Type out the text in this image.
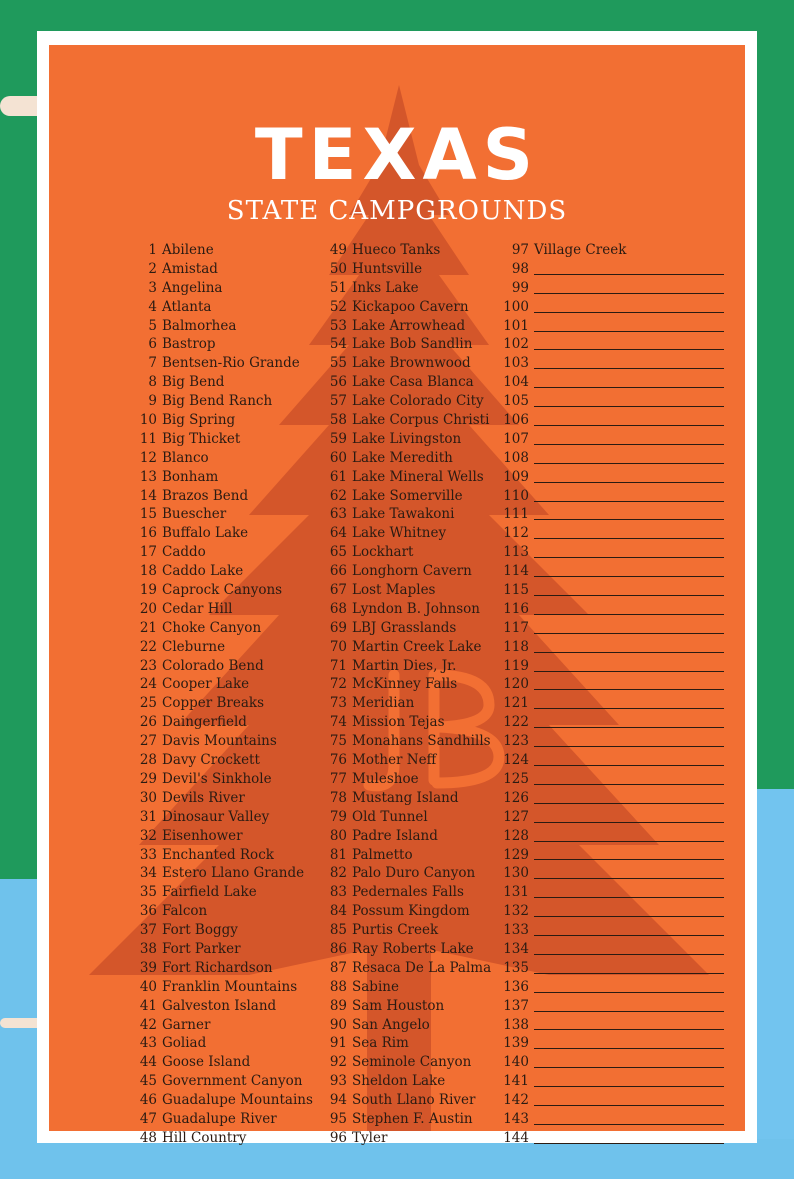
TEXAS
STATE CAMPGROUNDS
1 Abilene
2 Amistad
3 Angelina
4 Atlanta
5 Balmorhea
6 Bastrop
7 Bentsen-Rio Grande
8 Big Bend
9 Big Bend Ranch
10 Big Spring
11 Big Thicket
12 Blanco
13 Bonham
14 Brazos Bend
15 Buescher
16 Buffalo Lake
17 Caddo
18 Caddo Lake
19 Caprock Canyons
20 Cedar Hill
21 Choke Canyon
22 Cleburne
23 Colorado Bend
24 Cooper Lake
25 Copper Breaks
26 Daingerfield
27 Davis Mountains
28 Davy Crockett
29 Devil's Sinkhole
30 Devils River
31 Dinosaur Valley
32 Eisenhower
33 Enchanted Rock
34 Estero Llano Grande
35 Fairfield Lake
36 Falcon
37 Fort Boggy
38 Fort Parker
39 Fort Richardson
40 Franklin Mountains
41 Galveston Island
42 Garner
43 Goliad
44 Goose Island
45 Government Canyon
46 Guadalupe Mountains
47 Guadalupe River
48 Hill Country
49 Hueco Tanks
50 Huntsville
51 Inks Lake
52 Kickapoo Cavern
53 Lake Arrowhead
54 Lake Bob Sandlin
55 Lake Brownwood
56 Lake Casa Blanca
57 Lake Colorado City
58 Lake Corpus Christi
59 Lake Livingston
60 Lake Meredith
61 Lake Mineral Wells
62 Lake Somerville
63 Lake Tawakoni
64 Lake Whitney
65 Lockhart
66 Longhorn Cavern
67 Lost Maples
68 Lyndon B. Johnson
69 LBJ Grasslands
70 Martin Creek Lake
71 Martin Dies, Jr.
72 McKinney Falls
73 Meridian
74 Mission Tejas
75 Monahans Sandhills
76 Mother Neff
77 Muleshoe
78 Mustang Island
79 Old Tunnel
80 Padre Island
81 Palmetto
82 Palo Duro Canyon
83 Pedernales Falls
84 Possum Kingdom
85 Purtis Creek
86 Ray Roberts Lake
87 Resaca De La Palma
88 Sabine
89 Sam Houston
90 San Angelo
91 Sea Rim
92 Seminole Canyon
93 Sheldon Lake
94 South Llano River
95 Stephen F. Austin
96 Tyler
97 Village Creek
98
99
100
101
102
103
104
105
106
107
108
109
110
111
112
113
114
115
116
117
118
119
120
121
122
123
124
125
126
127
128
129
130
131
132
133
134
135
136
137
138
139
140
141
142
143
144
